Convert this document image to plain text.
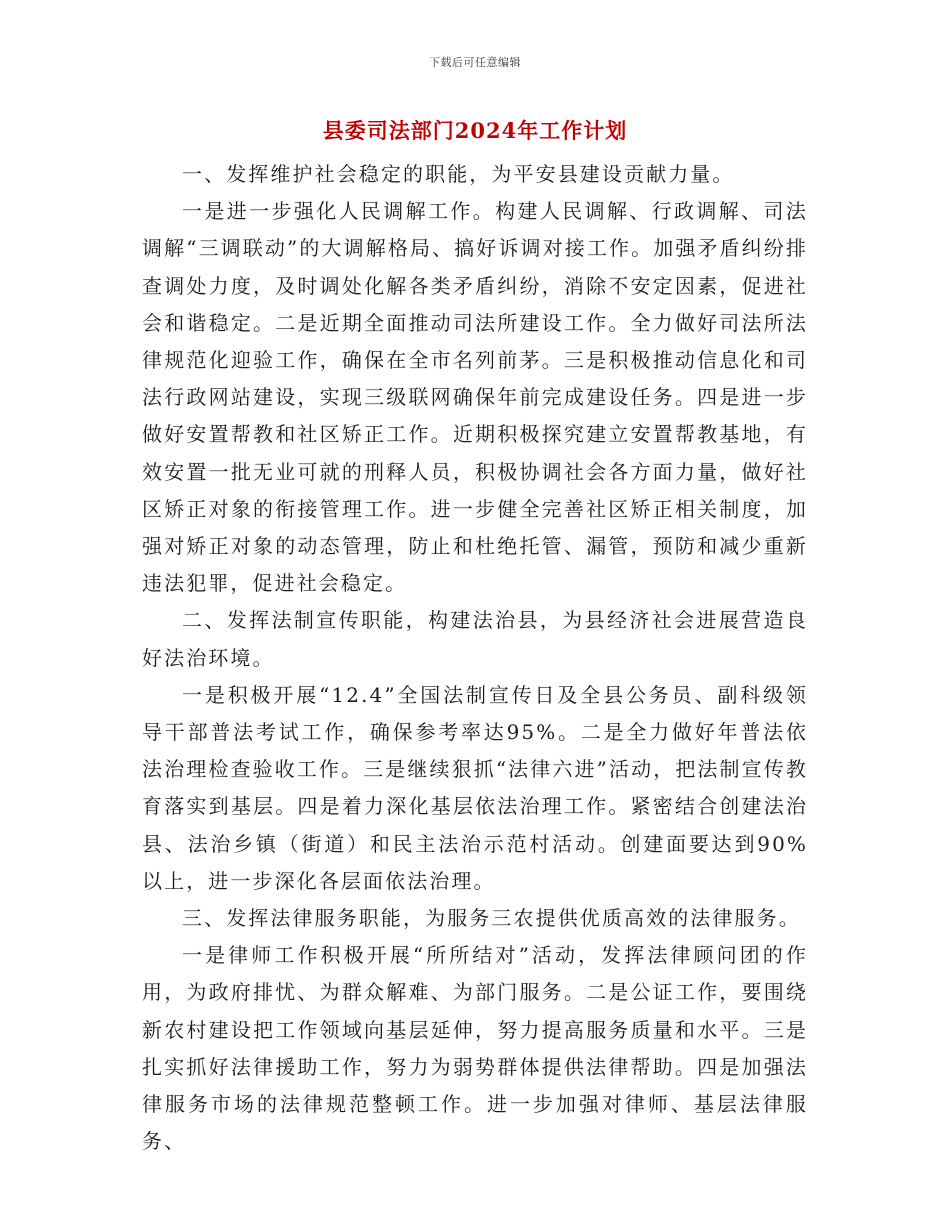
下载后可任意编辑
县委司法部门2024年工作计划

一、发挥维护社会稳定的职能，为平安县建设贡献力量。

一是进一步强化人民调解工作。构建人民调解、行政调解、司法调解“三调联动”的大调解格局、搞好诉调对接工作。加强矛盾纠纷排查调处力度，及时调处化解各类矛盾纠纷，消除不安定因素，促进社会和谐稳定。二是近期全面推动司法所建设工作。全力做好司法所法律规范化迎验工作，确保在全市名列前茅。三是积极推动信息化和司法行政网站建设，实现三级联网确保年前完成建设任务。四是进一步做好安置帮教和社区矫正工作。近期积极探究建立安置帮教基地，有效安置一批无业可就的刑释人员，积极协调社会各方面力量，做好社区矫正对象的衔接管理工作。进一步健全完善社区矫正相关制度，加强对矫正对象的动态管理，防止和杜绝托管、漏管，预防和减少重新违法犯罪，促进社会稳定。

二、发挥法制宣传职能，构建法治县，为县经济社会进展营造良好法治环境。

一是积极开展“12.4”全国法制宣传日及全县公务员、副科级领导干部普法考试工作，确保参考率达95%。二是全力做好年普法依法治理检查验收工作。三是继续狠抓“法律六进”活动，把法制宣传教育落实到基层。四是着力深化基层依法治理工作。紧密结合创建法治县、法治乡镇（街道）和民主法治示范村活动。创建面要达到90%以上，进一步深化各层面依法治理。

三、发挥法律服务职能，为服务三农提供优质高效的法律服务。

一是律师工作积极开展“所所结对”活动，发挥法律顾问团的作用，为政府排忧、为群众解难、为部门服务。二是公证工作，要围绕新农村建设把工作领域向基层延伸，努力提高服务质量和水平。三是扎实抓好法律援助工作，努力为弱势群体提供法律帮助。四是加强法律服务市场的法律规范整顿工作。进一步加强对律师、基层法律服务、
